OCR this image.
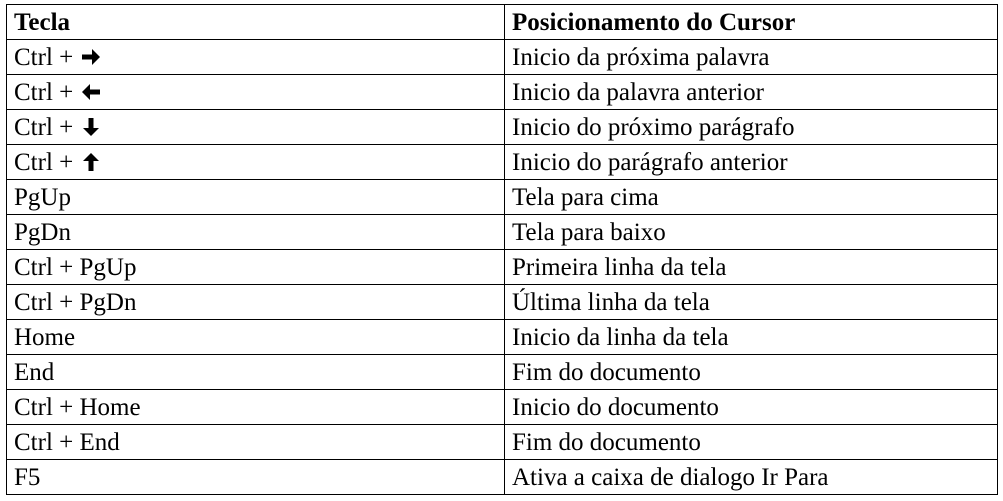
Tecla	Posicionamento do Cursor

Ctrl +	Inicio da próxima palavra

Ctrl +	Inicio da palavra anterior

Ctrl +	Inicio do próximo parágrafo

Ctrl +	Inicio do parágrafo anterior

PgUp	Tela para cima

PgDn	Tela para baixo

Ctrl + PgUp	Primeira linha da tela

Ctrl + PgDn	Última linha da tela

Home	Inicio da linha da tela

End	Fim do documento

Ctrl + Home	Inicio do documento

Ctrl + End	Fim do documento

F5	Ativa a caixa de dialogo Ir Para
